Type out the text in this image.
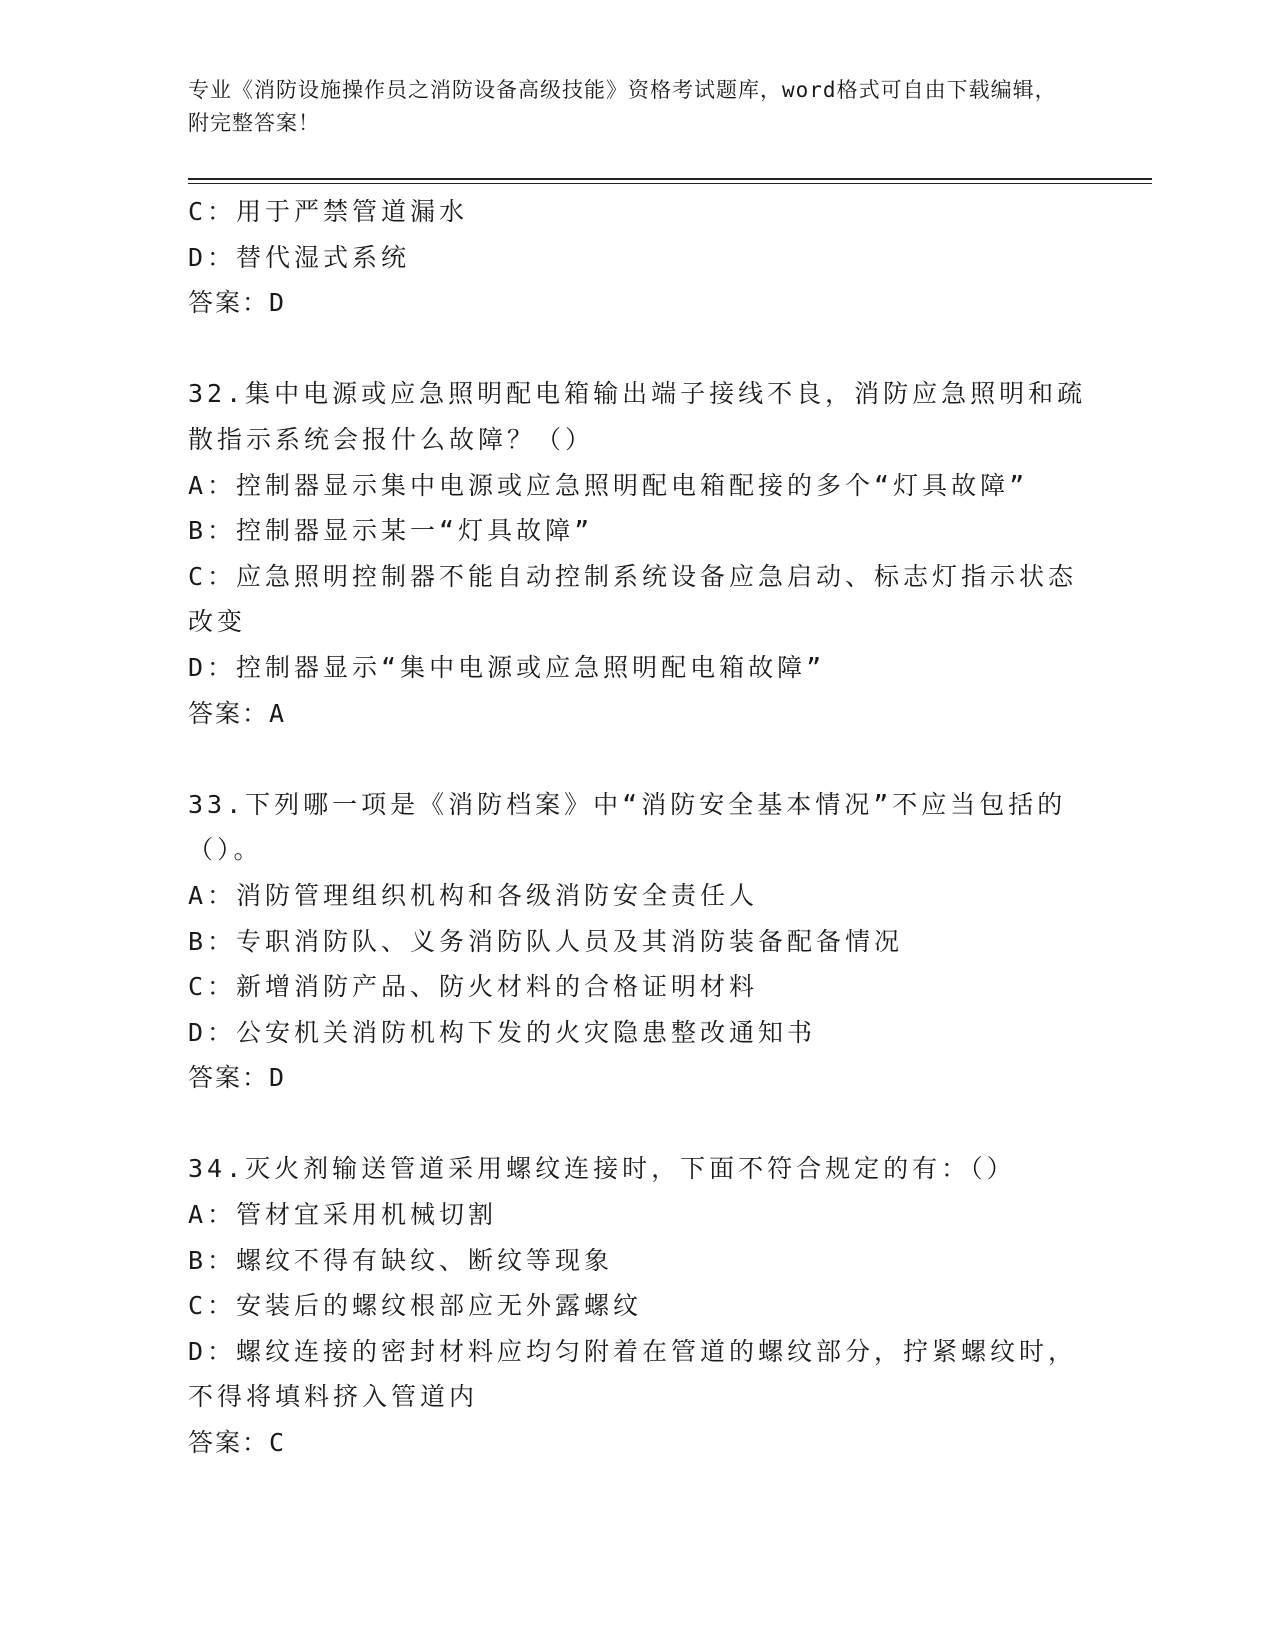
专业《消防设施操作员之消防设备高级技能》资格考试题库，word格式可自由下载编辑，附完整答案！

C：用于严禁管道漏水

D：替代湿式系统

答案：D

32.集中电源或应急照明配电箱输出端子接线不良，消防应急照明和疏散指示系统会报什么故障？（）

A：控制器显示集中电源或应急照明配电箱配接的多个“灯具故障”

B：控制器显示某一“灯具故障”

C：应急照明控制器不能自动控制系统设备应急启动、标志灯指示状态改变

D：控制器显示“集中电源或应急照明配电箱故障”

答案：A

33.下列哪一项是《消防档案》中“消防安全基本情况”不应当包括的（）。

A：消防管理组织机构和各级消防安全责任人

B：专职消防队、义务消防队人员及其消防装备配备情况

C：新增消防产品、防火材料的合格证明材料

D：公安机关消防机构下发的火灾隐患整改通知书

答案：D

34.灭火剂输送管道采用螺纹连接时，下面不符合规定的有：（）

A：管材宜采用机械切割

B：螺纹不得有缺纹、断纹等现象

C：安装后的螺纹根部应无外露螺纹

D：螺纹连接的密封材料应均匀附着在管道的螺纹部分，拧紧螺纹时，不得将填料挤入管道内

答案：C
